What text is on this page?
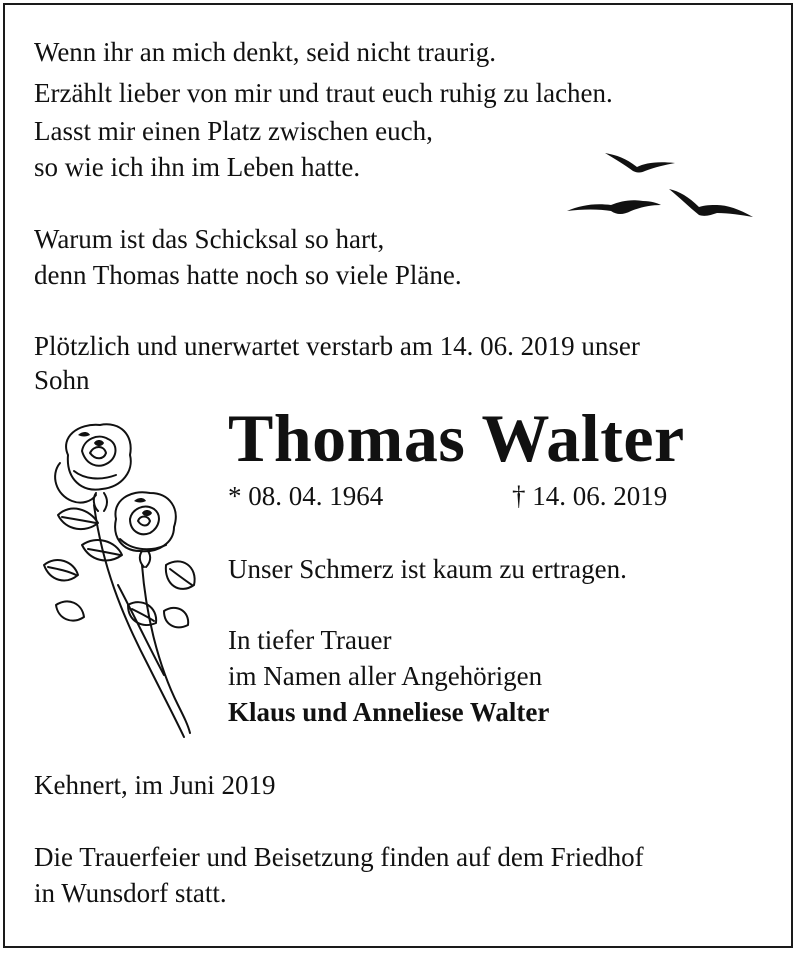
Wenn ihr an mich denkt, seid nicht traurig.
Erzählt lieber von mir und traut euch ruhig zu lachen.
Lasst mir einen Platz zwischen euch,
so wie ich ihn im Leben hatte.
Warum ist das Schicksal so hart,
denn Thomas hatte noch so viele Pläne.
Plötzlich und unerwartet verstarb am 14. 06. 2019 unser
Sohn
Thomas Walter
* 08. 04. 1964	† 14. 06. 2019
Unser Schmerz ist kaum zu ertragen.
In tiefer Trauer
im Namen aller Angehörigen
Klaus und Anneliese Walter
Kehnert, im Juni 2019
Die Trauerfeier und Beisetzung finden auf dem Friedhof
in Wunsdorf statt.
